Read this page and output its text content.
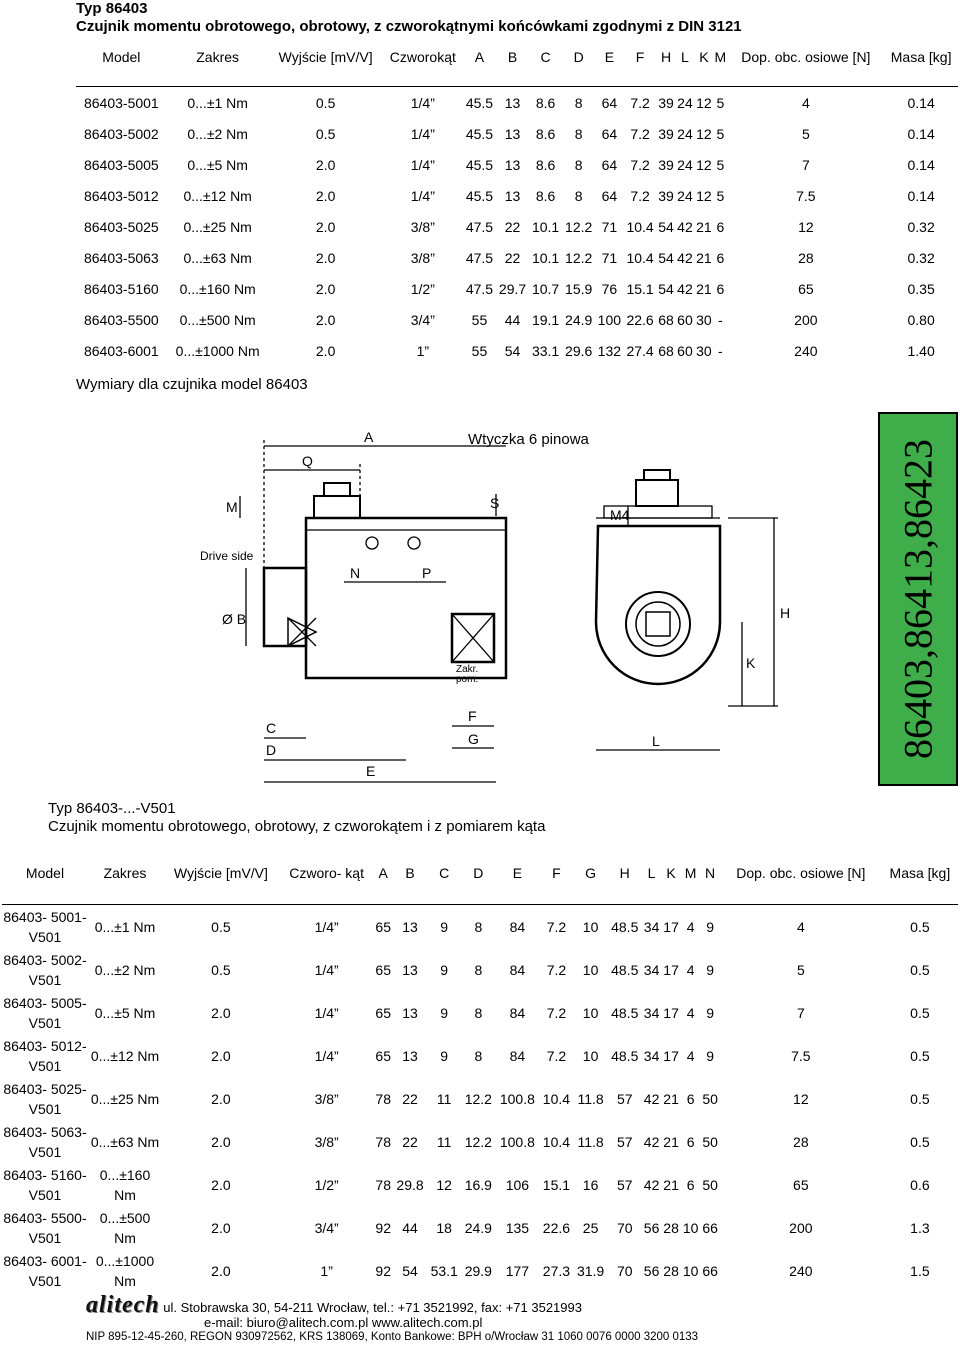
Typ 86403
Czujnik momentu obrotowego, obrotowy, z czworokątnymi końcówkami zgodnymi z DIN 3121
Model	Zakres	Wyjście [mV/V]	Czworokąt	A	B	C	D	E	F	H	L	K	M	Dop. obc. osiowe [N]	Masa [kg]
86403-5001	0...±1 Nm	0.5	1/4”	45.5	13	8.6	8	64	7.2	39	24	12	5	4	0.14
86403-5002	0...±2 Nm	0.5	1/4”	45.5	13	8.6	8	64	7.2	39	24	12	5	5	0.14
86403-5005	0...±5 Nm	2.0	1/4”	45.5	13	8.6	8	64	7.2	39	24	12	5	7	0.14
86403-5012	0...±12 Nm	2.0	1/4”	45.5	13	8.6	8	64	7.2	39	24	12	5	7.5	0.14
86403-5025	0...±25 Nm	2.0	3/8”	47.5	22	10.1	12.2	71	10.4	54	42	21	6	12	0.32
86403-5063	0...±63 Nm	2.0	3/8”	47.5	22	10.1	12.2	71	10.4	54	42	21	6	28	0.32
86403-5160	0...±160 Nm	2.0	1/2”	47.5	29.7	10.7	15.9	76	15.1	54	42	21	6	65	0.35
86403-5500	0...±500 Nm	2.0	3/4”	55	44	19.1	24.9	100	22.6	68	60	30	-	200	0.80
86403-6001	0...±1000 Nm	2.0	1”	55	54	33.1	29.6	132	27.4	68	60	30	-	240	1.40
Wymiary dla czujnika model 86403
A
Q
M	S
N	P
Ø B
C
D
E
F
G
H
K
L
M4
Drive side
Zakr.
pom.
Wtyczka 6 pinowa	86403,86413,86423
Typ 86403-...-V501
Czujnik momentu obrotowego, obrotowy, z czworokątem i z pomiarem kąta
Model	Zakres	Wyjście [mV/V]	Czworo- kąt	A	B	C	D	E	F	G	H	L	K	M	N	Dop. obc. osiowe [N]	Masa [kg]
86403- 5001-V501	0...±1 Nm	0.5	1/4”	65	13	9	8	84	7.2	10	48.5	34	17	4	9	4	0.5
86403- 5002-V501	0...±2 Nm	0.5	1/4”	65	13	9	8	84	7.2	10	48.5	34	17	4	9	5	0.5
86403- 5005-V501	0...±5 Nm	2.0	1/4”	65	13	9	8	84	7.2	10	48.5	34	17	4	9	7	0.5
86403- 5012-V501	0...±12 Nm	2.0	1/4”	65	13	9	8	84	7.2	10	48.5	34	17	4	9	7.5	0.5
86403- 5025-V501	0...±25 Nm	2.0	3/8”	78	22	11	12.2	100.8	10.4	11.8	57	42	21	6	50	12	0.5
86403- 5063-V501	0...±63 Nm	2.0	3/8”	78	22	11	12.2	100.8	10.4	11.8	57	42	21	6	50	28	0.5
86403- 5160-V501	0...±160 Nm	2.0	1/2”	78	29.8	12	16.9	106	15.1	16	57	42	21	6	50	65	0.6
86403- 5500-V501	0...±500 Nm	2.0	3/4”	92	44	18	24.9	135	22.6	25	70	56	28	10	66	200	1.3
86403- 6001-V501	0...±1000 Nm	2.0	1”	92	54	53.1	29.9	177	27.3	31.9	70	56	28	10	66	240	1.5
alitech ul. Stobrawska 30, 54-211 Wrocław, tel.: +71 3521992, fax: +71 3521993
e-mail: biuro@alitech.com.pl www.alitech.com.pl
NIP 895-12-45-260, REGON 930972562, KRS 138069, Konto Bankowe: BPH o/Wrocław 31 1060 0076 0000 3200 0133
